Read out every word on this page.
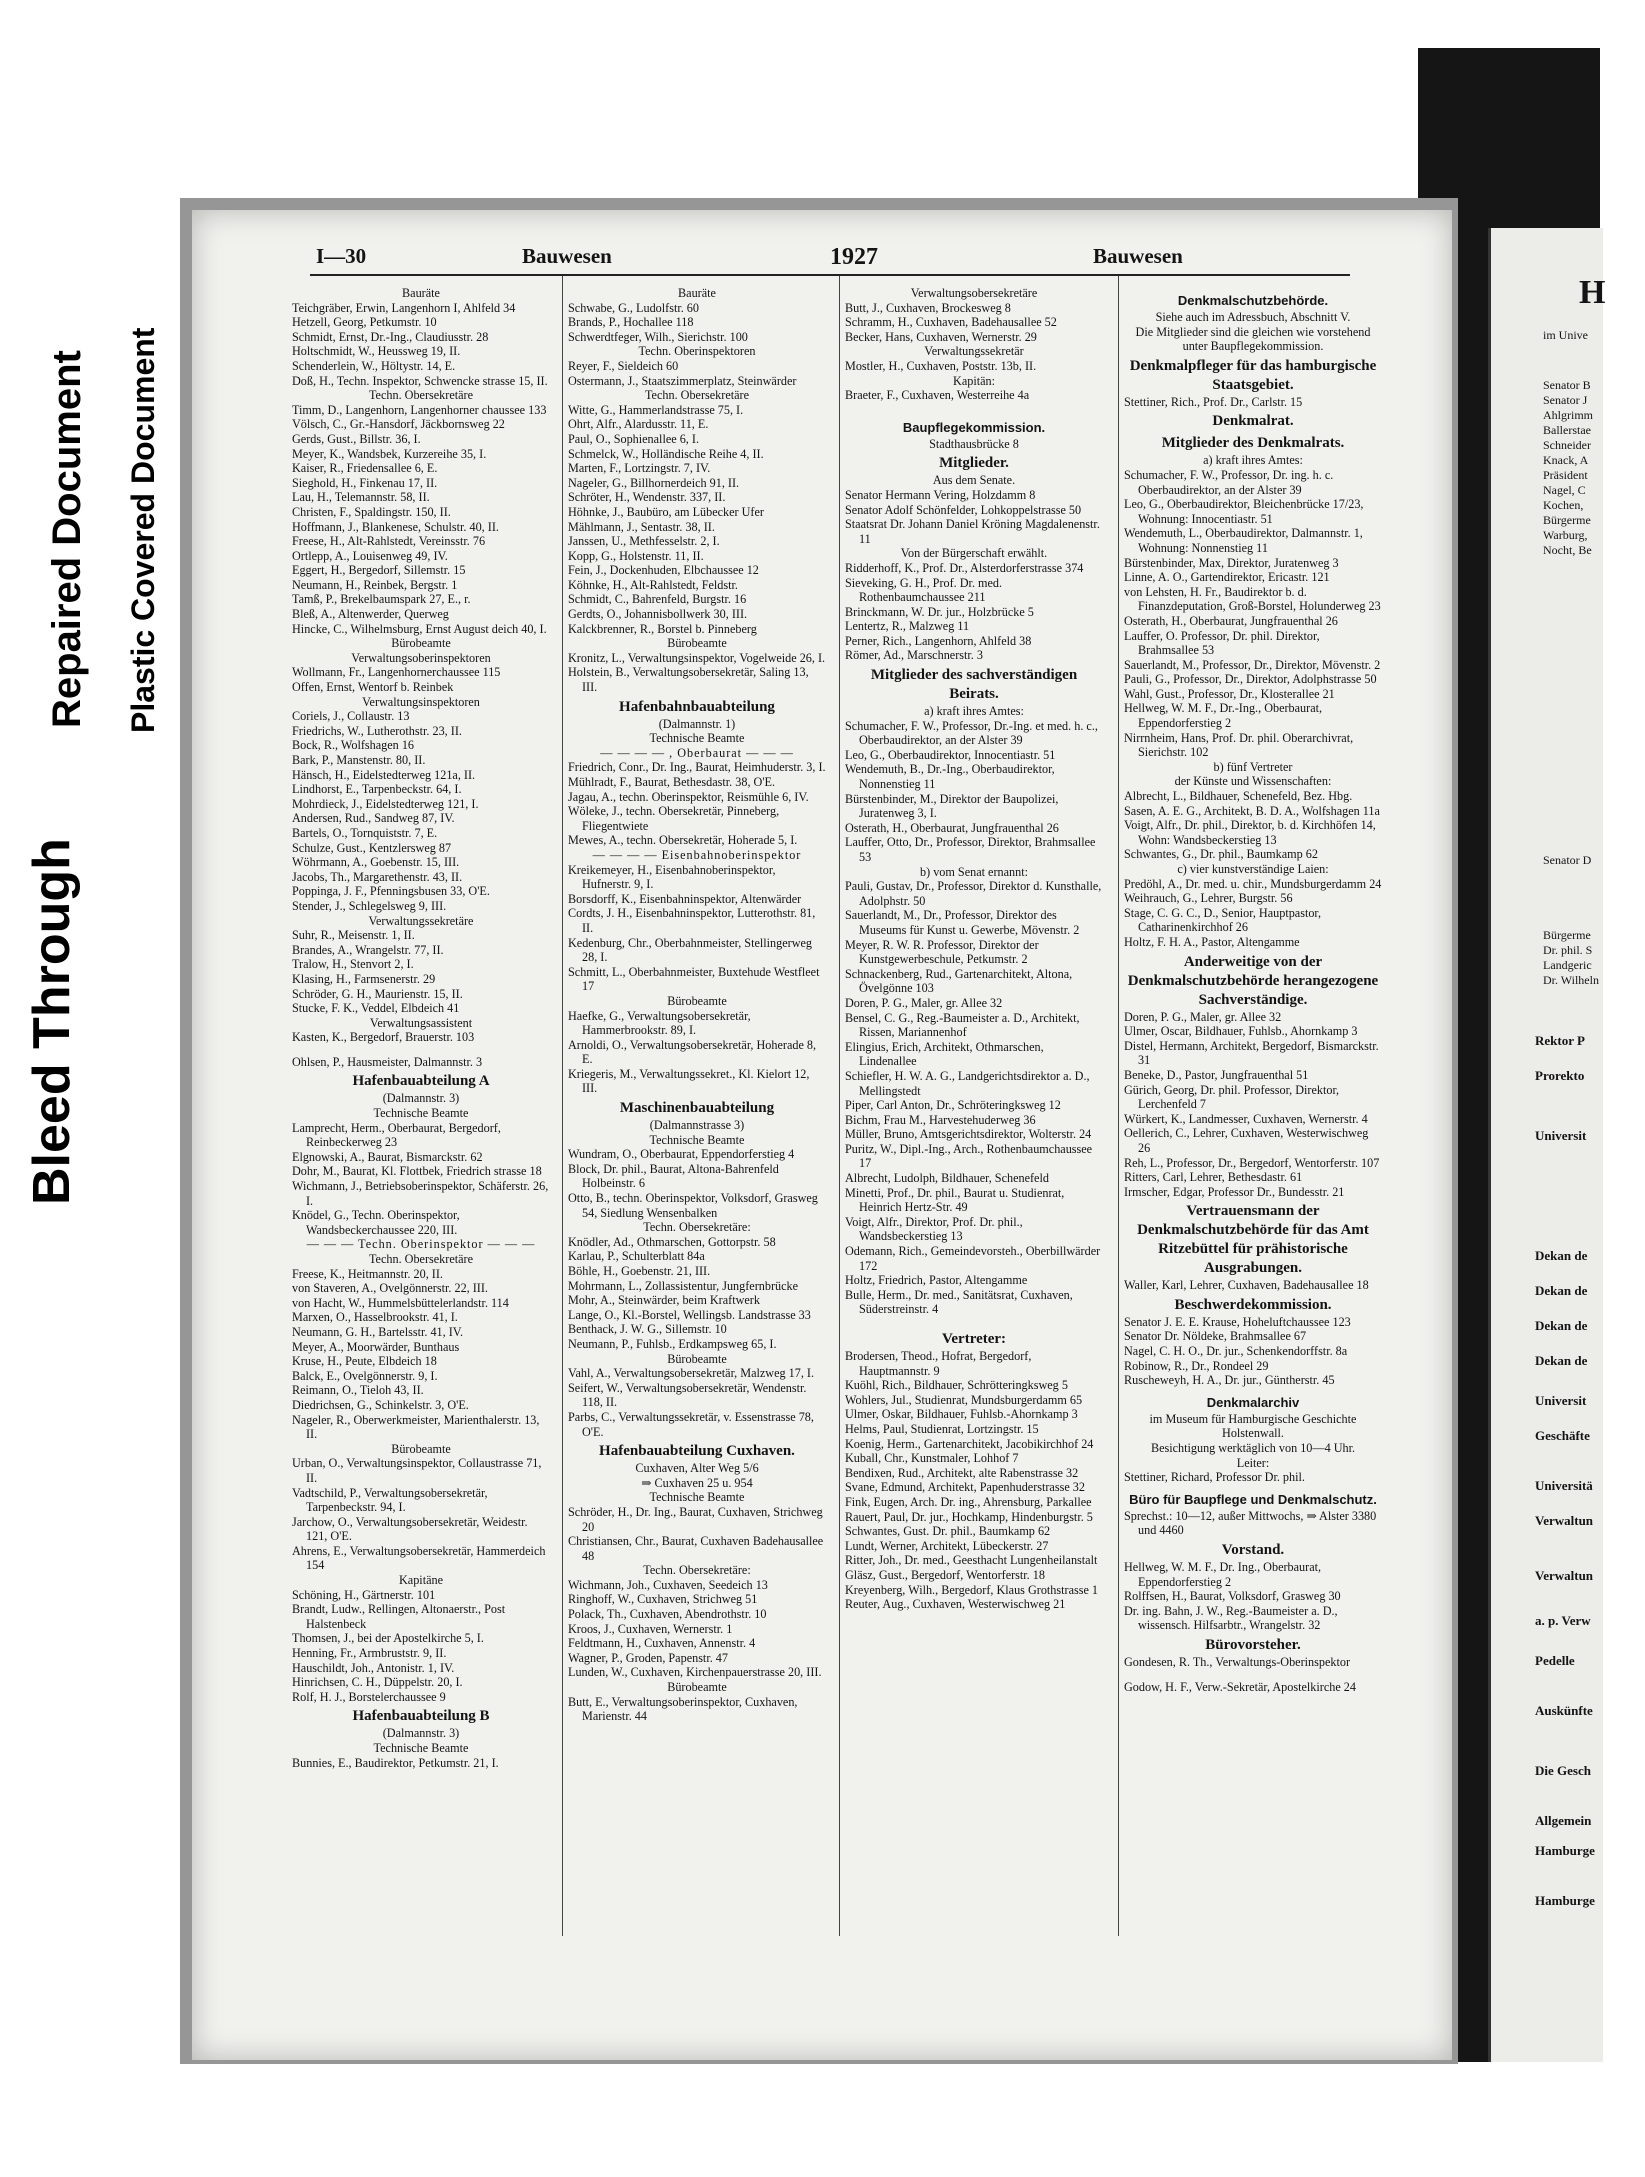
Bleed Through
Repaired Document Plastic Covered Document
I—30	Bauwesen	1927	Bauwesen
Bauräte
Teichgräber, Erwin, Langenhorn I, Ahlfeld 34
Hetzell, Georg, Petkumstr. 10
Schmidt, Ernst, Dr.-Ing., Claudiusstr. 28
Holtschmidt, W., Heussweg 19, II.
Schenderlein, W., Höltystr. 14, E.
Doß, H., Techn. Inspektor, Schwencke strasse 15, II.
Techn. Obersekretäre
Timm, D., Langenhorn, Langenhorner chaussee 133
Völsch, C., Gr.-Hansdorf, Jäckbornsweg 22
Gerds, Gust., Billstr. 36, I.
Meyer, K., Wandsbek, Kurzereihe 35, I.
Kaiser, R., Friedensallee 6, E.
Sieghold, H., Finkenau 17, II.
Lau, H., Telemannstr. 58, II.
Christen, F., Spaldingstr. 150, II.
Hoffmann, J., Blankenese, Schulstr. 40, II.
Freese, H., Alt-Rahlstedt, Vereinsstr. 76
Ortlepp, A., Louisenweg 49, IV.
Eggert, H., Bergedorf, Sillemstr. 15
Neumann, H., Reinbek, Bergstr. 1
Tamß, P., Brekelbaumspark 27, E., r.
Bleß, A., Altenwerder, Querweg
Hincke, C., Wilhelmsburg, Ernst August deich 40, I.
Bürobeamte
Verwaltungsoberinspektoren
Wollmann, Fr., Langenhornerchaussee 115
Offen, Ernst, Wentorf b. Reinbek
Verwaltungsinspektoren
Coriels, J., Collaustr. 13
Friedrichs, W., Lutherothstr. 23, II.
Bock, R., Wolfshagen 16
Bark, P., Manstenstr. 80, II.
Hänsch, H., Eidelstedterweg 121a, II.
Lindhorst, E., Tarpenbeckstr. 64, I.
Mohrdieck, J., Eidelstedterweg 121, I.
Andersen, Rud., Sandweg 87, IV.
Bartels, O., Tornquiststr. 7, E.
Schulze, Gust., Kentzlersweg 87
Wöhrmann, A., Goebenstr. 15, III.
Jacobs, Th., Margarethenstr. 43, II.
Poppinga, J. F., Pfenningsbusen 33, O'E.
Stender, J., Schlegelsweg 9, III.
Verwaltungssekretäre
Suhr, R., Meisenstr. 1, II.
Brandes, A., Wrangelstr. 77, II.
Tralow, H., Stenvort 2, I.
Klasing, H., Farmsenerstr. 29
Schröder, G. H., Maurienstr. 15, II.
Stucke, F. K., Veddel, Elbdeich 41
Verwaltungsassistent
Kasten, K., Bergedorf, Brauerstr. 103
Ohlsen, P., Hausmeister, Dalmannstr. 3
Hafenbauabteilung A
(Dalmannstr. 3)
Technische Beamte
Lamprecht, Herm., Oberbaurat, Bergedorf, Reinbeckerweg 23
Elgnowski, A., Baurat, Bismarckstr. 62
Dohr, M., Baurat, Kl. Flottbek, Friedrich strasse 18
Wichmann, J., Betriebsoberinspektor, Schäferstr. 26, I.
Knödel, G., Techn. Oberinspektor, Wandsbeckerchaussee 220, III.
— — — Techn. Oberinspektor — — —
Techn. Obersekretäre
Freese, K., Heitmannstr. 20, II.
von Staveren, A., Ovelgönnerstr. 22, III.
von Hacht, W., Hummelsbüttelerlandstr. 114
Marxen, O., Hasselbrookstr. 41, I.
Neumann, G. H., Bartelsstr. 41, IV.
Meyer, A., Moorwärder, Bunthaus
Kruse, H., Peute, Elbdeich 18
Balck, E., Ovelgönnerstr. 9, I.
Reimann, O., Tieloh 43, II.
Diedrichsen, G., Schinkelstr. 3, O'E.
Nageler, R., Oberwerkmeister, Marienthalerstr. 13, II.
Bürobeamte
Urban, O., Verwaltungsinspektor, Collaustrasse 71, II.
Vadtschild, P., Verwaltungsobersekretär, Tarpenbeckstr. 94, I.
Jarchow, O., Verwaltungsobersekretär, Weidestr. 121, O'E.
Ahrens, E., Verwaltungsobersekretär, Hammerdeich 154
Kapitäne
Schöning, H., Gärtnerstr. 101
Brandt, Ludw., Rellingen, Altonaerstr., Post Halstenbeck
Thomsen, J., bei der Apostelkirche 5, I.
Henning, Fr., Armbruststr. 9, II.
Hauschildt, Joh., Antonistr. 1, IV.
Hinrichsen, C. H., Düppelstr. 20, I.
Rolf, H. J., Borstelerchaussee 9
Hafenbauabteilung B
(Dalmannstr. 3)
Technische Beamte
Bunnies, E., Baudirektor, Petkumstr. 21, I.
Bauräte
Schwabe, G., Ludolfstr. 60
Brands, P., Hochallee 118
Schwerdtfeger, Wilh., Sierichstr. 100
Techn. Oberinspektoren
Reyer, F., Sieldeich 60
Ostermann, J., Staatszimmerplatz, Steinwärder
Techn. Obersekretäre
Witte, G., Hammerlandstrasse 75, I.
Ohrt, Alfr., Alardusstr. 11, E.
Paul, O., Sophienallee 6, I.
Schmelck, W., Holländische Reihe 4, II.
Marten, F., Lortzingstr. 7, IV.
Nageler, G., Billhornerdeich 91, II.
Schröter, H., Wendenstr. 337, II.
Höhnke, J., Baubüro, am Lübecker Ufer
Mählmann, J., Sentastr. 38, II.
Janssen, U., Methfesselstr. 2, I.
Kopp, G., Holstenstr. 11, II.
Fein, J., Dockenhuden, Elbchaussee 12
Köhnke, H., Alt-Rahlstedt, Feldstr.
Schmidt, C., Bahrenfeld, Burgstr. 16
Gerdts, O., Johannisbollwerk 30, III.
Kalckbrenner, R., Borstel b. Pinneberg
Bürobeamte
Kronitz, L., Verwaltungsinspektor, Vogelweide 26, I.
Holstein, B., Verwaltungsobersekretär, Saling 13, III.
Hafenbahnbauabteilung
(Dalmannstr. 1)
Technische Beamte
— — — — , Oberbaurat — — —
Friedrich, Conr., Dr. Ing., Baurat, Heimhuderstr. 3, I.
Mühlradt, F., Baurat, Bethesdastr. 38, O'E.
Jagau, A., techn. Oberinspektor, Reismühle 6, IV.
Wöleke, J., techn. Obersekretär, Pinneberg, Fliegentwiete
Mewes, A., techn. Obersekretär, Hoherade 5, I.
— — — — Eisenbahnoberinspektor
Kreikemeyer, H., Eisenbahnoberinspektor, Hufnerstr. 9, I.
Borsdorff, K., Eisenbahninspektor, Altenwärder
Cordts, J. H., Eisenbahninspektor, Lutterothstr. 81, II.
Kedenburg, Chr., Oberbahnmeister, Stellingerweg 28, I.
Schmitt, L., Oberbahnmeister, Buxtehude Westfleet 17
Bürobeamte
Haefke, G., Verwaltungsobersekretär, Hammerbrookstr. 89, I.
Arnoldi, O., Verwaltungsobersekretär, Hoherade 8, E.
Kriegeris, M., Verwaltungssekret., Kl. Kielort 12, III.
Maschinenbauabteilung
(Dalmannstrasse 3)
Technische Beamte
Wundram, O., Oberbaurat, Eppendorferstieg 4
Block, Dr. phil., Baurat, Altona-Bahrenfeld Holbeinstr. 6
Otto, B., techn. Oberinspektor, Volksdorf, Grasweg 54, Siedlung Wensenbalken
Techn. Obersekretäre:
Knödler, Ad., Othmarschen, Gottorpstr. 58
Karlau, P., Schulterblatt 84a
Böhle, H., Goebenstr. 21, III.
Mohrmann, L., Zollassistentur, Jungfernbrücke
Mohr, A., Steinwärder, beim Kraftwerk
Lange, O., Kl.-Borstel, Wellingsb. Landstrasse 33
Benthack, J. W. G., Sillemstr. 10
Neumann, P., Fuhlsb., Erdkampsweg 65, I.
Bürobeamte
Vahl, A., Verwaltungsobersekretär, Malzweg 17, I.
Seifert, W., Verwaltungsobersekretär, Wendenstr. 118, II.
Parbs, C., Verwaltungssekretär, v. Essenstrasse 78, O'E.
Hafenbauabteilung Cuxhaven.
Cuxhaven, Alter Weg 5/6
⇒ Cuxhaven 25 u. 954
Technische Beamte
Schröder, H., Dr. Ing., Baurat, Cuxhaven, Strichweg 20
Christiansen, Chr., Baurat, Cuxhaven Badehausallee 48
Techn. Obersekretäre:
Wichmann, Joh., Cuxhaven, Seedeich 13
Ringhoff, W., Cuxhaven, Strichweg 51
Polack, Th., Cuxhaven, Abendrothstr. 10
Kroos, J., Cuxhaven, Wernerstr. 1
Feldtmann, H., Cuxhaven, Annenstr. 4
Wagner, P., Groden, Papenstr. 47
Lunden, W., Cuxhaven, Kirchenpauerstrasse 20, III.
Bürobeamte
Butt, E., Verwaltungsoberinspektor, Cuxhaven, Marienstr. 44
Verwaltungsobersekretäre
Butt, J., Cuxhaven, Brockesweg 8
Schramm, H., Cuxhaven, Badehausallee 52
Becker, Hans, Cuxhaven, Wernerstr. 29
Verwaltungssekretär
Mostler, H., Cuxhaven, Poststr. 13b, II.
Kapitän:
Braeter, F., Cuxhaven, Westerreihe 4a
Baupflegekommission.
Stadthausbrücke 8
Mitglieder.
Aus dem Senate.
Senator Hermann Vering, Holzdamm 8
Senator Adolf Schönfelder, Lohkoppelstrasse 50
Staatsrat Dr. Johann Daniel Kröning Magdalenenstr. 11
Von der Bürgerschaft erwählt.
Ridderhoff, K., Prof. Dr., Alsterdorferstrasse 374
Sieveking, G. H., Prof. Dr. med. Rothenbaumchaussee 211
Brinckmann, W. Dr. jur., Holzbrücke 5
Lentertz, R., Malzweg 11
Perner, Rich., Langenhorn, Ahlfeld 38
Römer, Ad., Marschnerstr. 3
Mitglieder des sachverständigen Beirats.
a) kraft ihres Amtes:
Schumacher, F. W., Professor, Dr.-Ing. et med. h. c., Oberbaudirektor, an der Alster 39
Leo, G., Oberbaudirektor, Innocentiastr. 51
Wendemuth, B., Dr.-Ing., Oberbaudirektor, Nonnenstieg 11
Bürstenbinder, M., Direktor der Baupolizei, Juratenweg 3, I.
Osterath, H., Oberbaurat, Jungfrauenthal 26
Lauffer, Otto, Dr., Professor, Direktor, Brahmsallee 53
b) vom Senat ernannt:
Pauli, Gustav, Dr., Professor, Direktor d. Kunsthalle, Adolphstr. 50
Sauerlandt, M., Dr., Professor, Direktor des Museums für Kunst u. Gewerbe, Mövenstr. 2
Meyer, R. W. R. Professor, Direktor der Kunstgewerbeschule, Petkumstr. 2
Schnackenberg, Rud., Gartenarchitekt, Altona, Övelgönne 103
Doren, P. G., Maler, gr. Allee 32
Bensel, C. G., Reg.-Baumeister a. D., Architekt, Rissen, Mariannenhof
Elingius, Erich, Architekt, Othmarschen, Lindenallee
Schiefler, H. W. A. G., Landgerichtsdirektor a. D., Mellingstedt
Piper, Carl Anton, Dr., Schröteringksweg 12
Bichm, Frau M., Harvestehuderweg 36
Müller, Bruno, Amtsgerichtsdirektor, Wolterstr. 24
Puritz, W., Dipl.-Ing., Arch., Rothenbaumchaussee 17
Albrecht, Ludolph, Bildhauer, Schenefeld
Minetti, Prof., Dr. phil., Baurat u. Studienrat, Heinrich Hertz-Str. 49
Voigt, Alfr., Direktor, Prof. Dr. phil., Wandsbeckerstieg 13
Odemann, Rich., Gemeindevorsteh., Oberbillwärder 172
Holtz, Friedrich, Pastor, Altengamme
Bulle, Herm., Dr. med., Sanitätsrat, Cuxhaven, Süderstreinstr. 4
Vertreter:
Brodersen, Theod., Hofrat, Bergedorf, Hauptmannstr. 9
Kuöhl, Rich., Bildhauer, Schrötteringksweg 5
Wohlers, Jul., Studienrat, Mundsburgerdamm 65
Ulmer, Oskar, Bildhauer, Fuhlsb.-Ahornkamp 3
Helms, Paul, Studienrat, Lortzingstr. 15
Koenig, Herm., Gartenarchitekt, Jacobikirchhof 24
Kuball, Chr., Kunstmaler, Lohhof 7
Bendixen, Rud., Architekt, alte Rabenstrasse 32
Svane, Edmund, Architekt, Papenhuderstrasse 32
Fink, Eugen, Arch. Dr. ing., Ahrensburg, Parkallee
Rauert, Paul, Dr. jur., Hochkamp, Hindenburgstr. 5
Schwantes, Gust. Dr. phil., Baumkamp 62
Lundt, Werner, Architekt, Lübeckerstr. 27
Ritter, Joh., Dr. med., Geesthacht Lungenheilanstalt
Gläsz, Gust., Bergedorf, Wentorferstr. 18
Kreyenberg, Wilh., Bergedorf, Klaus Grothstrasse 1
Reuter, Aug., Cuxhaven, Westerwischweg 21
Denkmalschutzbehörde.
Siehe auch im Adressbuch, Abschnitt V.
Die Mitglieder sind die gleichen wie vorstehend unter Baupflegekommission.
Denkmalpfleger für das hamburgische Staatsgebiet.
Stettiner, Rich., Prof. Dr., Carlstr. 15
Denkmalrat.
Mitglieder des Denkmalrats.
a) kraft ihres Amtes:
Schumacher, F. W., Professor, Dr. ing. h. c. Oberbaudirektor, an der Alster 39
Leo, G., Oberbaudirektor, Bleichenbrücke 17/23, Wohnung: Innocentiastr. 51
Wendemuth, L., Oberbaudirektor, Dalmannstr. 1, Wohnung: Nonnenstieg 11
Bürstenbinder, Max, Direktor, Juratenweg 3
Linne, A. O., Gartendirektor, Ericastr. 121
von Lehsten, H. Fr., Baudirektor b. d. Finanzdeputation, Groß-Borstel, Holunderweg 23
Osterath, H., Oberbaurat, Jungfrauenthal 26
Lauffer, O. Professor, Dr. phil. Direktor, Brahmsallee 53
Sauerlandt, M., Professor, Dr., Direktor, Mövenstr. 2
Pauli, G., Professor, Dr., Direktor, Adolphstrasse 50
Wahl, Gust., Professor, Dr., Klosterallee 21
Hellweg, W. M. F., Dr.-Ing., Oberbaurat, Eppendorferstieg 2
Nirrnheim, Hans, Prof. Dr. phil. Oberarchivrat, Sierichstr. 102
b) fünf Vertreter
der Künste und Wissenschaften:
Albrecht, L., Bildhauer, Schenefeld, Bez. Hbg.
Sasen, A. E. G., Architekt, B. D. A., Wolfshagen 11a
Voigt, Alfr., Dr. phil., Direktor, b. d. Kirchhöfen 14, Wohn: Wandsbeckerstieg 13
Schwantes, G., Dr. phil., Baumkamp 62
c) vier kunstverständige Laien:
Predöhl, A., Dr. med. u. chir., Mundsburgerdamm 24
Weihrauch, G., Lehrer, Burgstr. 56
Stage, C. G. C., D., Senior, Hauptpastor, Catharinenkirchhof 26
Holtz, F. H. A., Pastor, Altengamme
Anderweitige von der Denkmalschutzbehörde herangezogene Sachverständige.
Doren, P. G., Maler, gr. Allee 32
Ulmer, Oscar, Bildhauer, Fuhlsb., Ahornkamp 3
Distel, Hermann, Architekt, Bergedorf, Bismarckstr. 31
Beneke, D., Pastor, Jungfrauenthal 51
Gürich, Georg, Dr. phil. Professor, Direktor, Lerchenfeld 7
Würkert, K., Landmesser, Cuxhaven, Wernerstr. 4
Oellerich, C., Lehrer, Cuxhaven, Westerwischweg 26
Reh, L., Professor, Dr., Bergedorf, Wentorferstr. 107
Ritters, Carl, Lehrer, Bethesdastr. 61
Irmscher, Edgar, Professor Dr., Bundesstr. 21
Vertrauensmann der Denkmalschutzbehörde für das Amt Ritzebüttel für prähistorische Ausgrabungen.
Waller, Karl, Lehrer, Cuxhaven, Badehausallee 18
Beschwerdekommission.
Senator J. E. E. Krause, Hoheluftchaussee 123
Senator Dr. Nöldeke, Brahmsallee 67
Nagel, C. H. O., Dr. jur., Schenkendorffstr. 8a
Robinow, R., Dr., Rondeel 29
Ruscheweyh, H. A., Dr. jur., Güntherstr. 45
Denkmalarchiv
im Museum für Hamburgische Geschichte Holstenwall.
Besichtigung werktäglich von 10—4 Uhr.
Leiter:
Stettiner, Richard, Professor Dr. phil.
Büro für Baupflege und Denkmalschutz.
Sprechst.: 10—12, außer Mittwochs, ⇒ Alster 3380 und 4460
Vorstand.
Hellweg, W. M. F., Dr. Ing., Oberbaurat, Eppendorferstieg 2
Rolffsen, H., Baurat, Volksdorf, Grasweg 30
Dr. ing. Bahn, J. W., Reg.-Baumeister a. D., wissensch. Hilfsarbtr., Wrangelstr. 32
Bürovorsteher.
Gondesen, R. Th., Verwaltungs-Oberinspektor
Godow, H. F., Verw.-Sekretär, Apostelkirche 24
H
im Unive
Senator B
Senator J
Ahlgrimm
Ballerstae
Schneider
Knack, A
Präsident
Nagel, C
Kochen,
Bürgerme
Warburg,
Nocht, Be
Senator D
Bürgerme
Dr. phil. S
Landgeric
Dr. Wilheln
Rektor P
Prorekto
Universit
Dekan de
Dekan de
Dekan de
Dekan de
Universit
Geschäfte
Universitä
Verwaltun
Verwaltun
a. p. Verw
Pedelle
Auskünfte
Die Gesch
Allgemein
Hamburge
Hamburge
